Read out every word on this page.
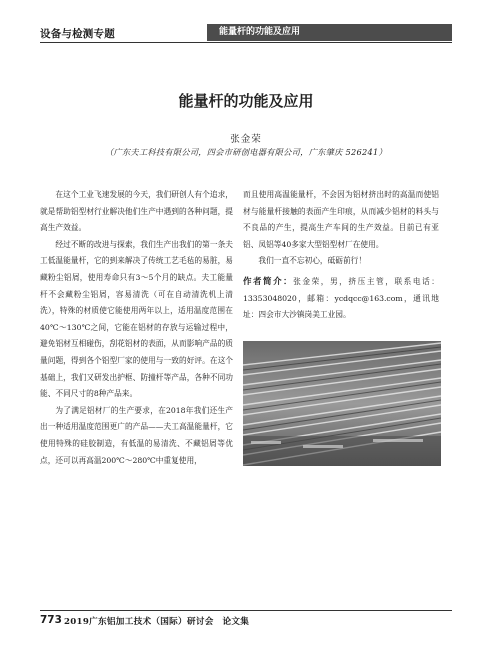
设备与检测专题	能量杆的功能及应用
能量杆的功能及应用
张金荣
（广东夫工科技有限公司，四会市研创电器有限公司，广东肇庆 526241）

在这个工业飞速发展的今天，我们研创人有个追求，就是帮助铝型材行业解决他们生产中遇到的各种问题，提高生产效益。

经过不断的改进与探索，我们生产出我们的第一条夫工低温能量杆，它的到来解决了传统工艺毛毡的易脏，易藏粉尘铝屑，使用寿命只有3～5个月的缺点。夫工能量杆不会藏粉尘铝屑，容易清洗（可在自动清洗机上清洗），特殊的材质使它能使用两年以上，适用温度范围在40℃～130℃之间，它能在铝材的存放与运输过程中，避免铝材互相碰伤，刮花铝材的表面，从而影响产品的质量问题，得到各个铝型厂家的使用与一致的好评。在这个基础上，我们又研发出护框、防撞杆等产品，各种不同功能、不同尺寸的8种产品来。

为了满足铝材厂的生产要求，在2018年我们还生产出一种适用温度范围更广的产品——夫工高温能量杆，它使用特殊的硅胶制造，有低温的易清洗、不藏铝屑等优点，还可以再高温200℃～280℃中重复使用，

而且使用高温能量杆，不会因为铝材挤出时的高温而使铝材与能量杆接触的表面产生印痕，从而减少铝材的料头与不良品的产生，提高生产车间的生产效益。目前已有亚铝、凤铝等40多家大型铝型材厂在使用。

我们一直不忘初心，砥砺前行！

作者简介：张金荣，男，挤压主管，联系电话：13353048020，邮箱：ycdqcc@163.com，通讯地址：四会市大沙镇岗美工业园。

773 2019广东铝加工技术（国际）研讨会　论文集
